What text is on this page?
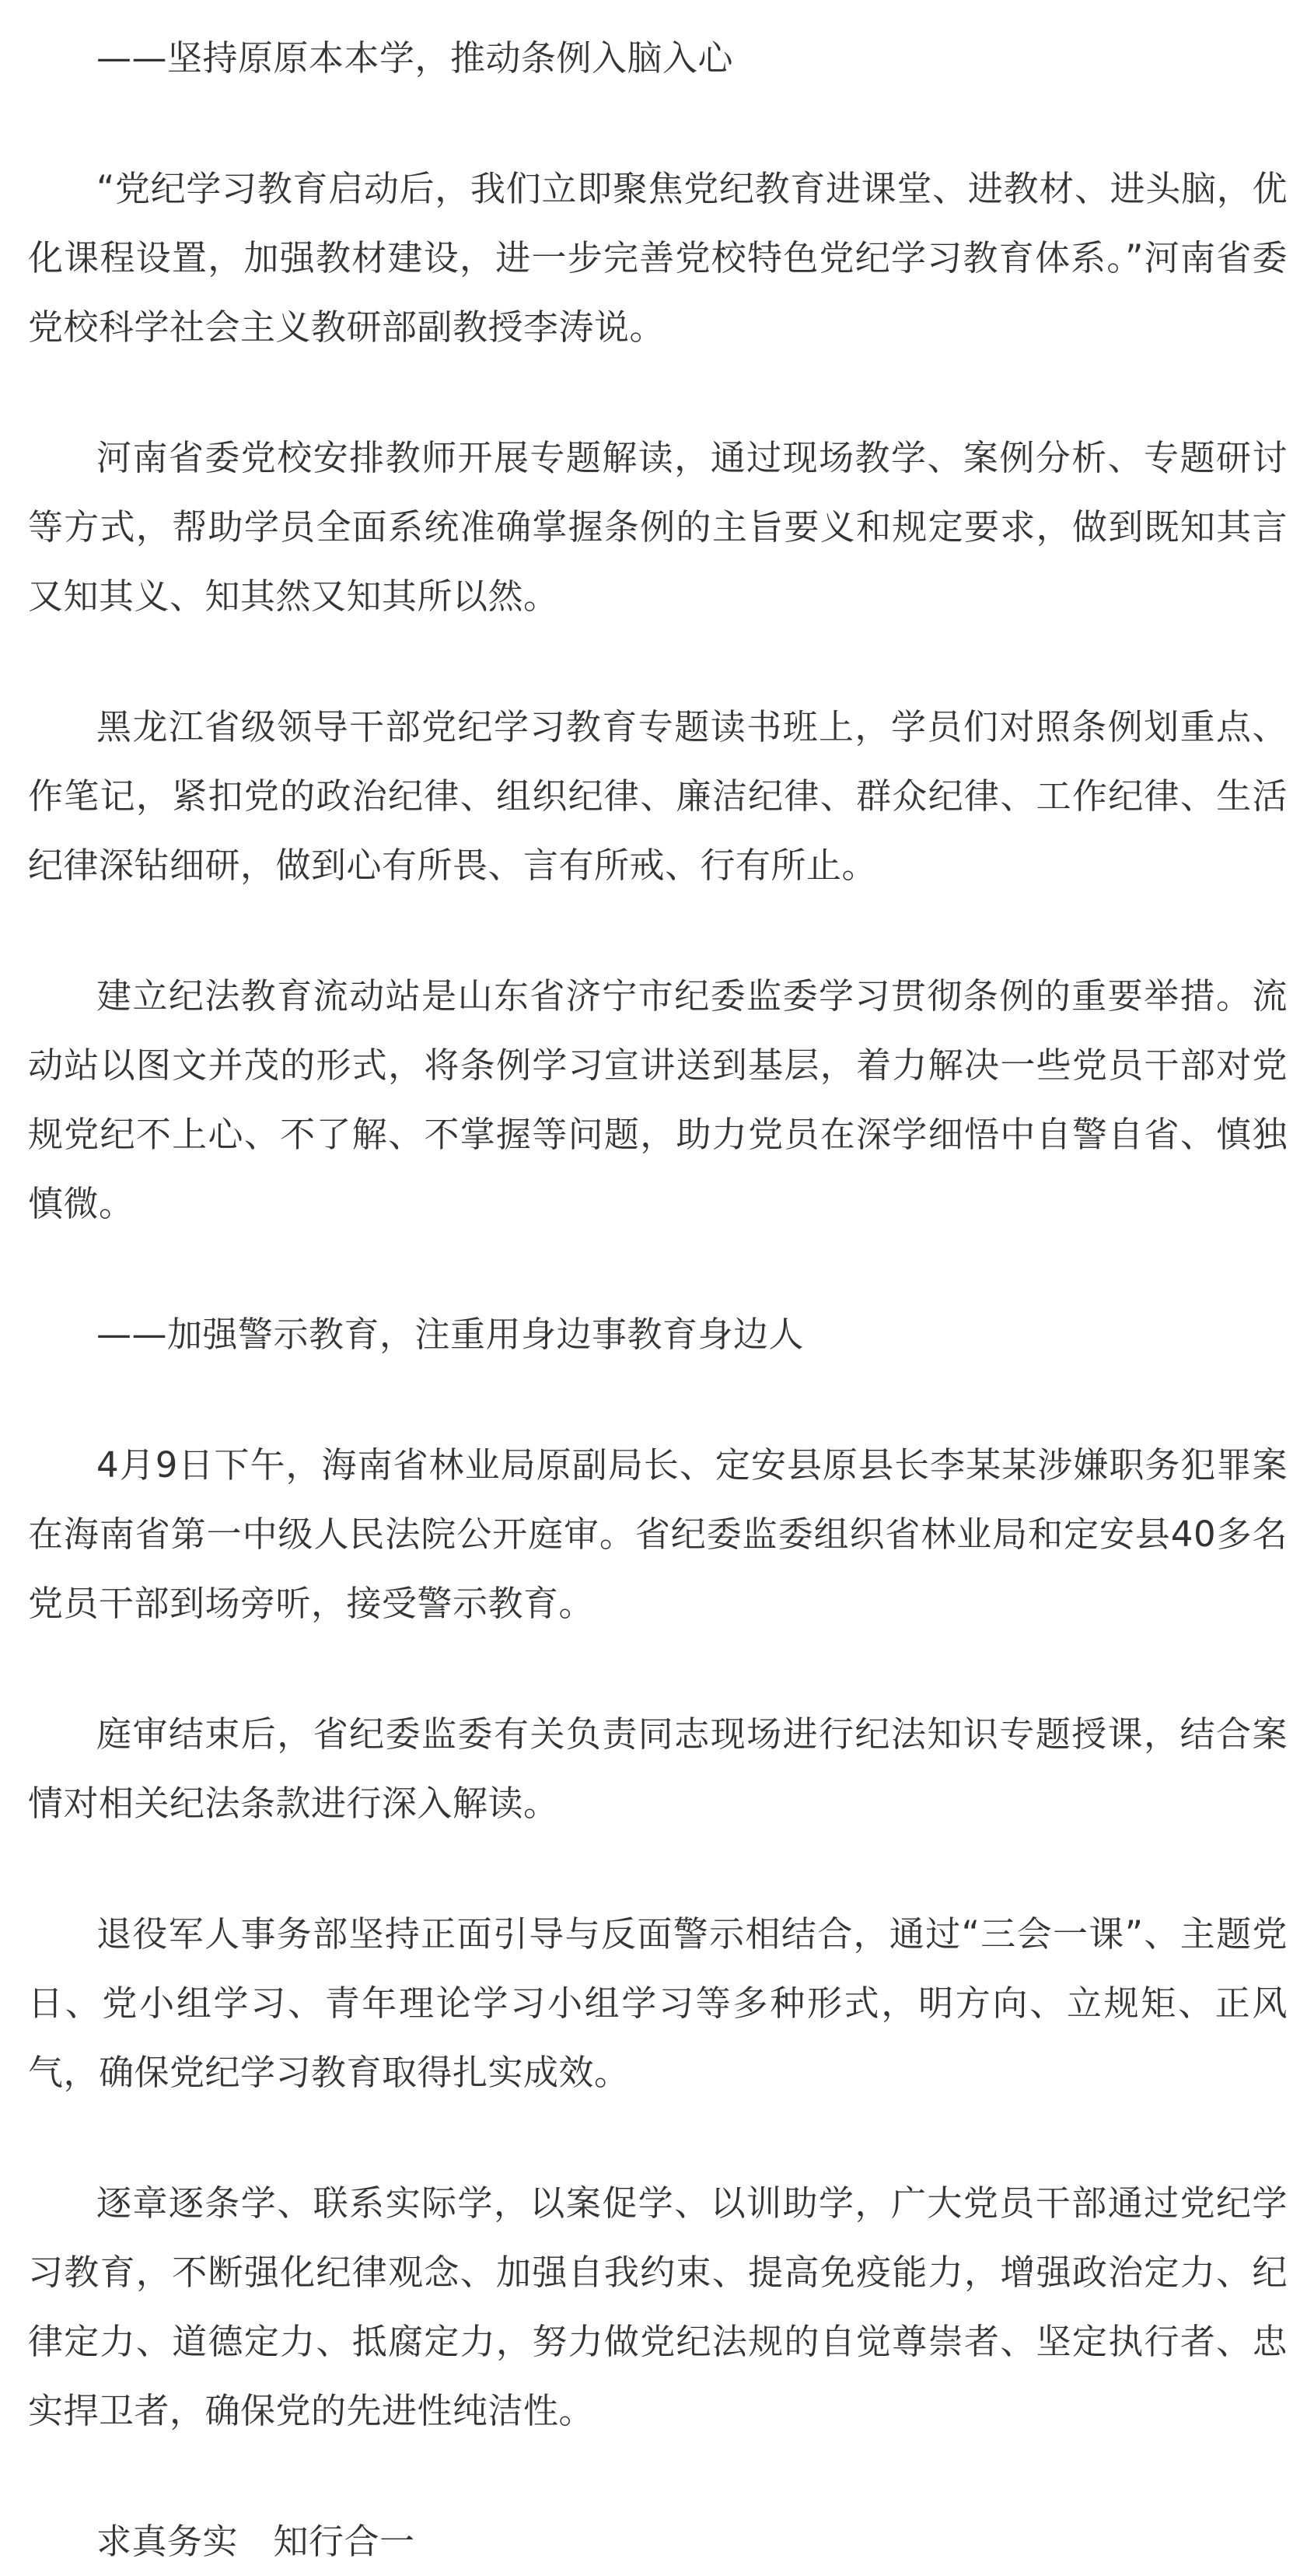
——坚持原原本本学，推动条例入脑入心

“党纪学习教育启动后，我们立即聚焦党纪教育进课堂、进教材、进头脑，优化课程设置，加强教材建设，进一步完善党校特色党纪学习教育体系。”河南省委党校科学社会主义教研部副教授李涛说。

河南省委党校安排教师开展专题解读，通过现场教学、案例分析、专题研讨等方式，帮助学员全面系统准确掌握条例的主旨要义和规定要求，做到既知其言又知其义、知其然又知其所以然。

黑龙江省级领导干部党纪学习教育专题读书班上，学员们对照条例划重点、作笔记，紧扣党的政治纪律、组织纪律、廉洁纪律、群众纪律、工作纪律、生活纪律深钻细研，做到心有所畏、言有所戒、行有所止。

建立纪法教育流动站是山东省济宁市纪委监委学习贯彻条例的重要举措。流动站以图文并茂的形式，将条例学习宣讲送到基层，着力解决一些党员干部对党规党纪不上心、不了解、不掌握等问题，助力党员在深学细悟中自警自省、慎独慎微。

——加强警示教育，注重用身边事教育身边人

4月9日下午，海南省林业局原副局长、定安县原县长李某某涉嫌职务犯罪案在海南省第一中级人民法院公开庭审。省纪委监委组织省林业局和定安县40多名党员干部到场旁听，接受警示教育。

庭审结束后，省纪委监委有关负责同志现场进行纪法知识专题授课，结合案情对相关纪法条款进行深入解读。

退役军人事务部坚持正面引导与反面警示相结合，通过“三会一课”、主题党日、党小组学习、青年理论学习小组学习等多种形式，明方向、立规矩、正风气，确保党纪学习教育取得扎实成效。

逐章逐条学、联系实际学，以案促学、以训助学，广大党员干部通过党纪学习教育，不断强化纪律观念、加强自我约束、提高免疫能力，增强政治定力、纪律定力、道德定力、抵腐定力，努力做党纪法规的自觉尊崇者、坚定执行者、忠实捍卫者，确保党的先进性纯洁性。

求真务实　知行合一
